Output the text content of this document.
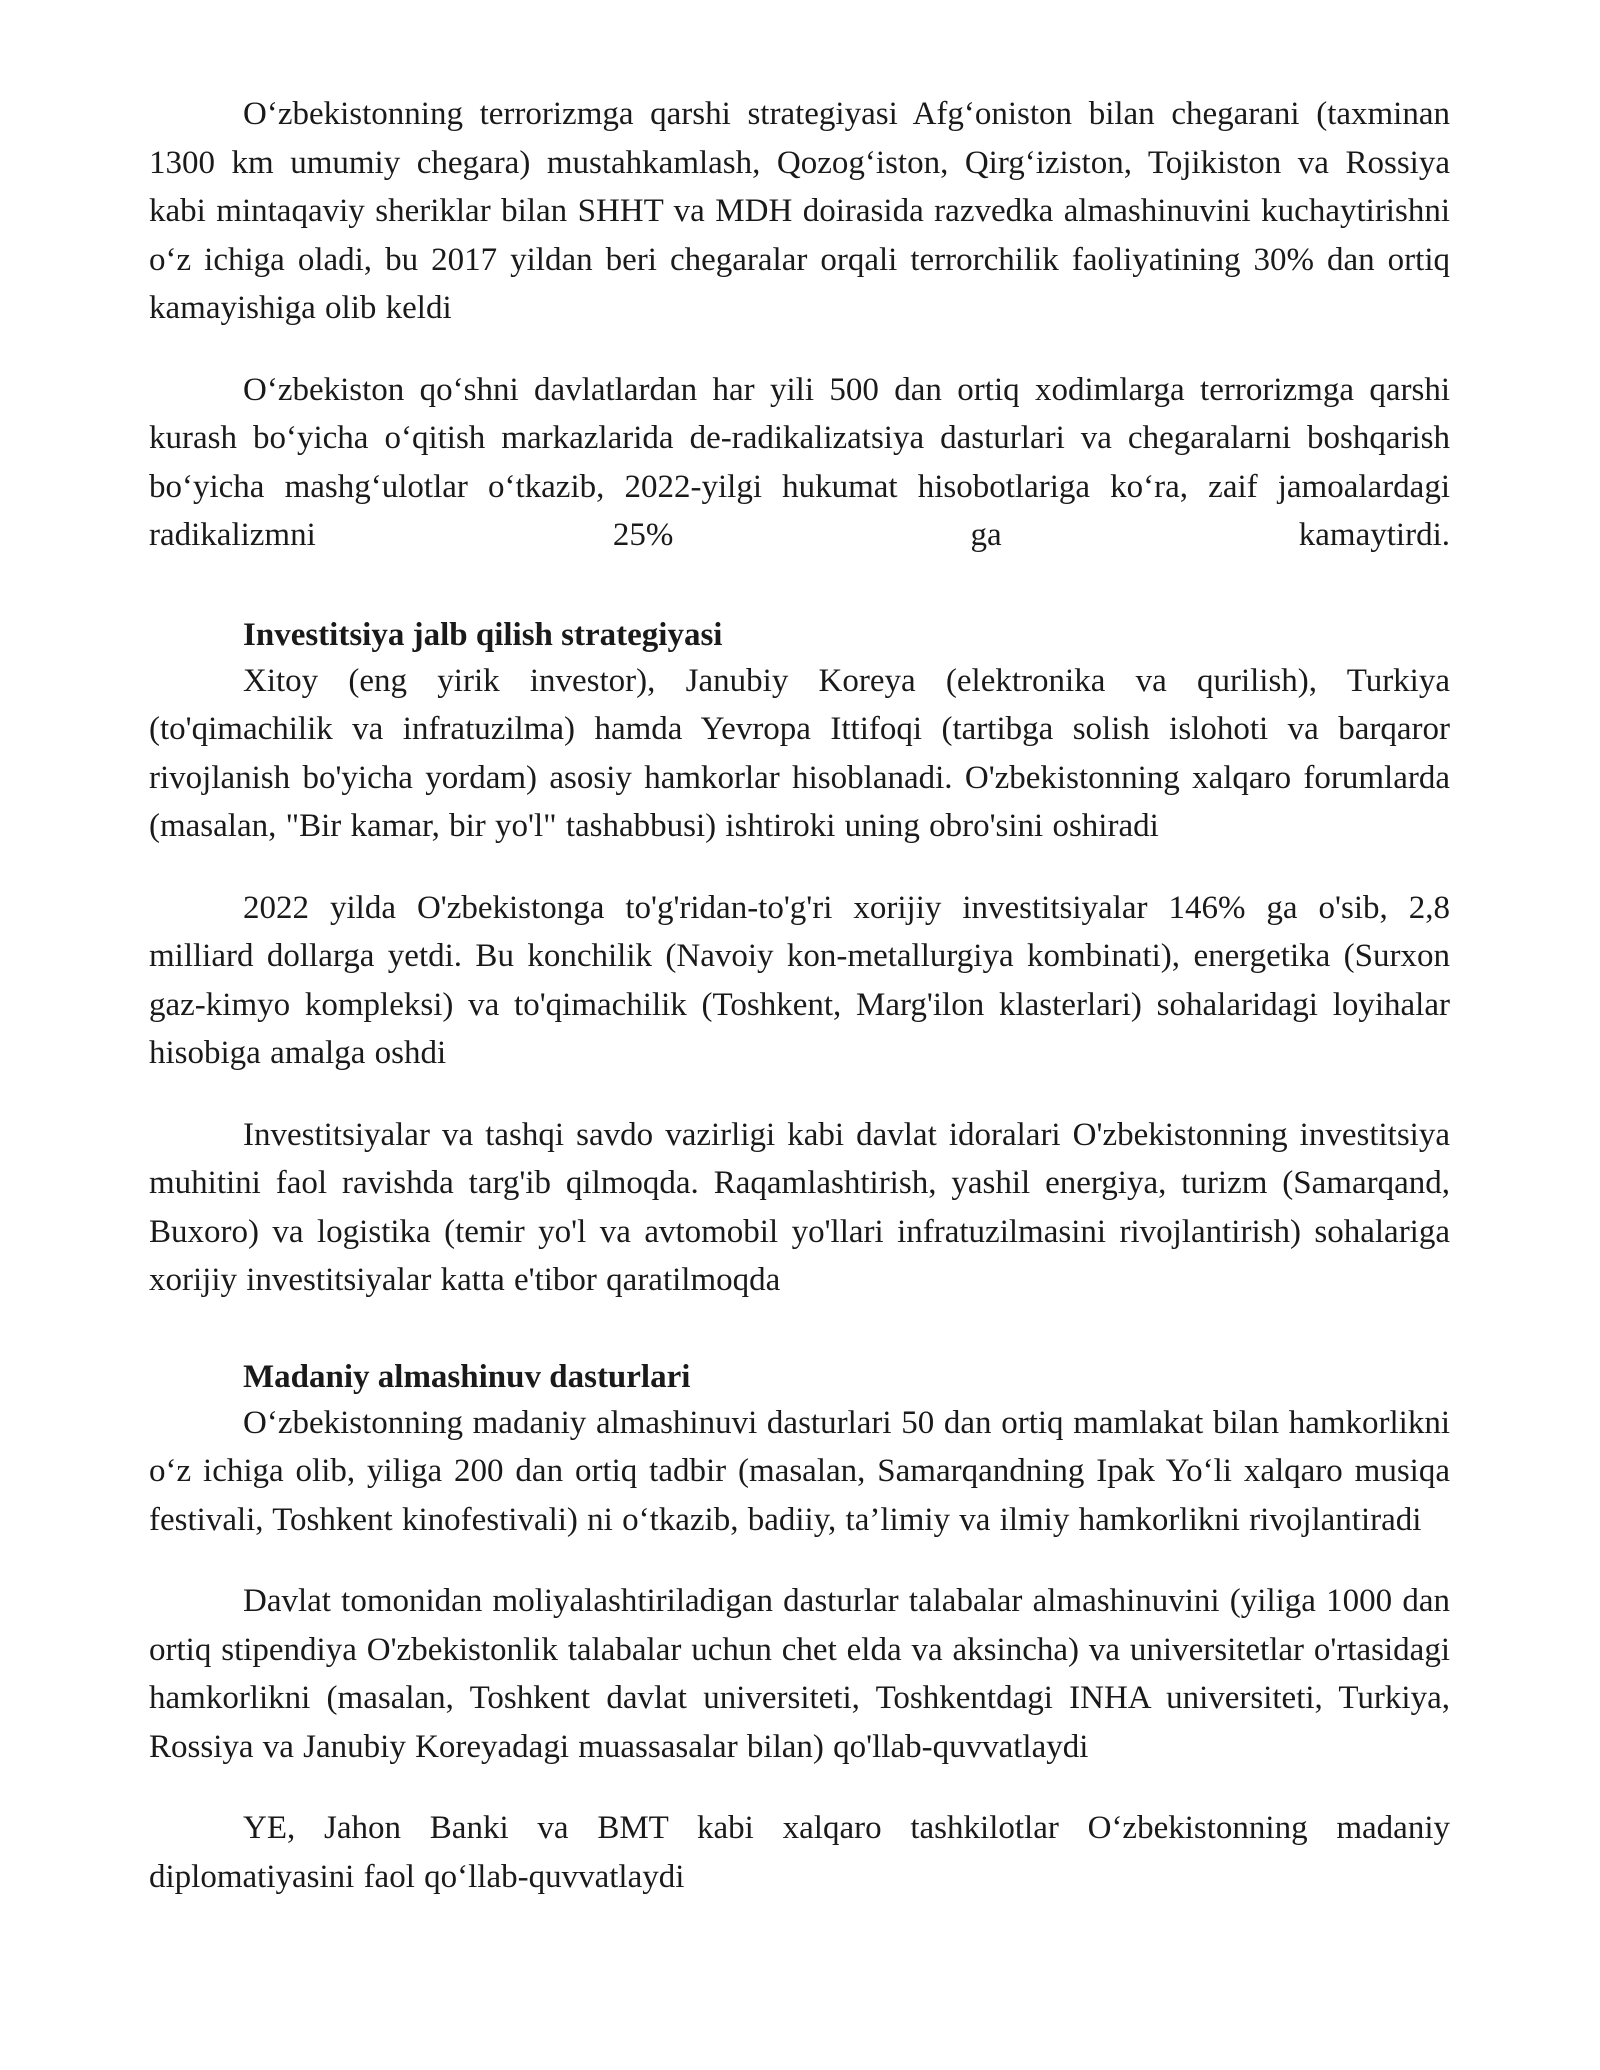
O‘zbekistonning terrorizmga qarshi strategiyasi Afg‘oniston bilan chegarani (taxminan 1300 km umumiy chegara) mustahkamlash, Qozog‘iston, Qirg‘iziston, Tojikiston va Rossiya kabi mintaqaviy sheriklar bilan SHHT va MDH doirasida razvedka almashinuvini kuchaytirishni o‘z ichiga oladi, bu 2017 yildan beri chegaralar orqali terrorchilik faoliyatining 30% dan ortiq kamayishiga olib keldi

O‘zbekiston qo‘shni davlatlardan har yili 500 dan ortiq xodimlarga terrorizmga qarshi kurash bo‘yicha o‘qitish markazlarida de-radikalizatsiya dasturlari va chegaralarni boshqarish bo‘yicha mashg‘ulotlar o‘tkazib, 2022-yilgi hukumat hisobotlariga ko‘ra, zaif jamoalardagi radikalizmni 25% ga kamaytirdi.

Investitsiya jalb qilish strategiyasi

Xitoy (eng yirik investor), Janubiy Koreya (elektronika va qurilish), Turkiya (to'qimachilik va infratuzilma) hamda Yevropa Ittifoqi (tartibga solish islohoti va barqaror rivojlanish bo'yicha yordam) asosiy hamkorlar hisoblanadi. O'zbekistonning xalqaro forumlarda (masalan, "Bir kamar, bir yo'l" tashabbusi) ishtiroki uning obro'sini oshiradi

2022 yilda O'zbekistonga to'g'ridan-to'g'ri xorijiy investitsiyalar 146% ga o'sib, 2,8 milliard dollarga yetdi. Bu konchilik (Navoiy kon-metallurgiya kombinati), energetika (Surxon gaz-kimyo kompleksi) va to'qimachilik (Toshkent, Marg'ilon klasterlari) sohalaridagi loyihalar hisobiga amalga oshdi

Investitsiyalar va tashqi savdo vazirligi kabi davlat idoralari O'zbekistonning investitsiya muhitini faol ravishda targ'ib qilmoqda. Raqamlashtirish, yashil energiya, turizm (Samarqand, Buxoro) va logistika (temir yo'l va avtomobil yo'llari infratuzilmasini rivojlantirish) sohalariga xorijiy investitsiyalar katta e'tibor qaratilmoqda

Madaniy almashinuv dasturlari

O‘zbekistonning madaniy almashinuvi dasturlari 50 dan ortiq mamlakat bilan hamkorlikni o‘z ichiga olib, yiliga 200 dan ortiq tadbir (masalan, Samarqandning Ipak Yo‘li xalqaro musiqa festivali, Toshkent kinofestivali) ni o‘tkazib, badiiy, ta’limiy va ilmiy hamkorlikni rivojlantiradi

Davlat tomonidan moliyalashtiriladigan dasturlar talabalar almashinuvini (yiliga 1000 dan ortiq stipendiya O'zbekistonlik talabalar uchun chet elda va aksincha) va universitetlar o'rtasidagi hamkorlikni (masalan, Toshkent davlat universiteti, Toshkentdagi INHA universiteti, Turkiya, Rossiya va Janubiy Koreyadagi muassasalar bilan) qo'llab-quvvatlaydi

YE, Jahon Banki va BMT kabi xalqaro tashkilotlar O‘zbekistonning madaniy diplomatiyasini faol qo‘llab-quvvatlaydi
